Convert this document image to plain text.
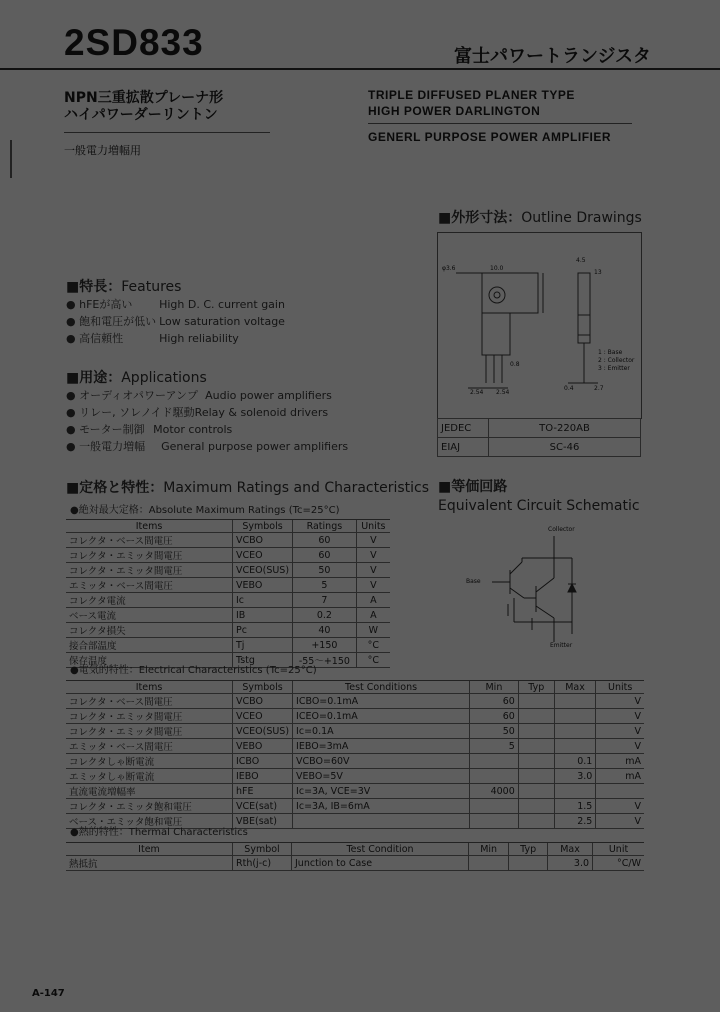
2SD833	富士パワートランジスタ
NPN三重拡散プレーナ形
ハイパワーダーリントン
一般電力増幅用
TRIPLE DIFFUSED PLANER TYPE
HIGH POWER DARLINGTON
GENERL PURPOSE POWER AMPLIFIER
■外形寸法：Outline Drawings
φ3.6	10.0
4.5
13
2.54 2.54
0.8
0.4	2.7
1 : Base
2 : Collector
3 : Emitter
JEDEC	TO-220AB
EIAJ	SC-46
■特長：Features
● hFEが高い High D. C. current gain
● 飽和電圧が低い Low saturation voltage
● 高信頼性	High reliability
■用途：Applications
● オーディオパワーアンプ Audio power amplifiers
● リレー, ソレノイド駆動Relay & solenoid drivers
● モーター制御 Motor controls
● 一般電力増幅 General purpose power amplifiers
■等価回路
Equivalent Circuit Schematic
Collector
Base
Emitter
■定格と特性：Maximum Ratings and Characteristics
●絶対最大定格：Absolute Maximum Ratings (Tc=25°C)
Items	Symbols	Ratings	Units
コレクタ・ベース間電圧	VCBO	60	V
コレクタ・エミッタ間電圧	VCEO	60	V
コレクタ・エミッタ間電圧	VCEO(SUS)	50	V
エミッタ・ベース間電圧	VEBO	5	V
コレクタ電流	Ic	7	A
ベース電流	IB	0.2	A
コレクタ損失	Pc	40	W
接合部温度	Tj	+150	°C
保存温度	Tstg	-55～+150	°C
●電気的特性：Electrical Characteristics (Tc=25°C)
Items	Symbols	Test Conditions	Min	Typ	Max	Units
コレクタ・ベース間電圧	VCBO	ICBO=0.1mA	60			V
コレクタ・エミッタ間電圧	VCEO	ICEO=0.1mA	60			V
コレクタ・エミッタ間電圧	VCEO(SUS)	Ic=0.1A	50			V
エミッタ・ベース間電圧	VEBO	IEBO=3mA	5			V
コレクタしゃ断電流	ICBO	VCBO=60V			0.1	mA
エミッタしゃ断電流	IEBO	VEBO=5V			3.0	mA
直流電流増幅率	hFE	Ic=3A, VCE=3V	4000			
コレクタ・エミッタ飽和電圧	VCE(sat)	Ic=3A, IB=6mA			1.5	V
ベース・エミッタ飽和電圧	VBE(sat)				2.5	V
●熱的特性：Thermal Characteristics
Item	Symbol	Test Condition	Min	Typ	Max	Unit
熱抵抗	Rth(j-c)	Junction to Case			3.0	°C/W
A-147
